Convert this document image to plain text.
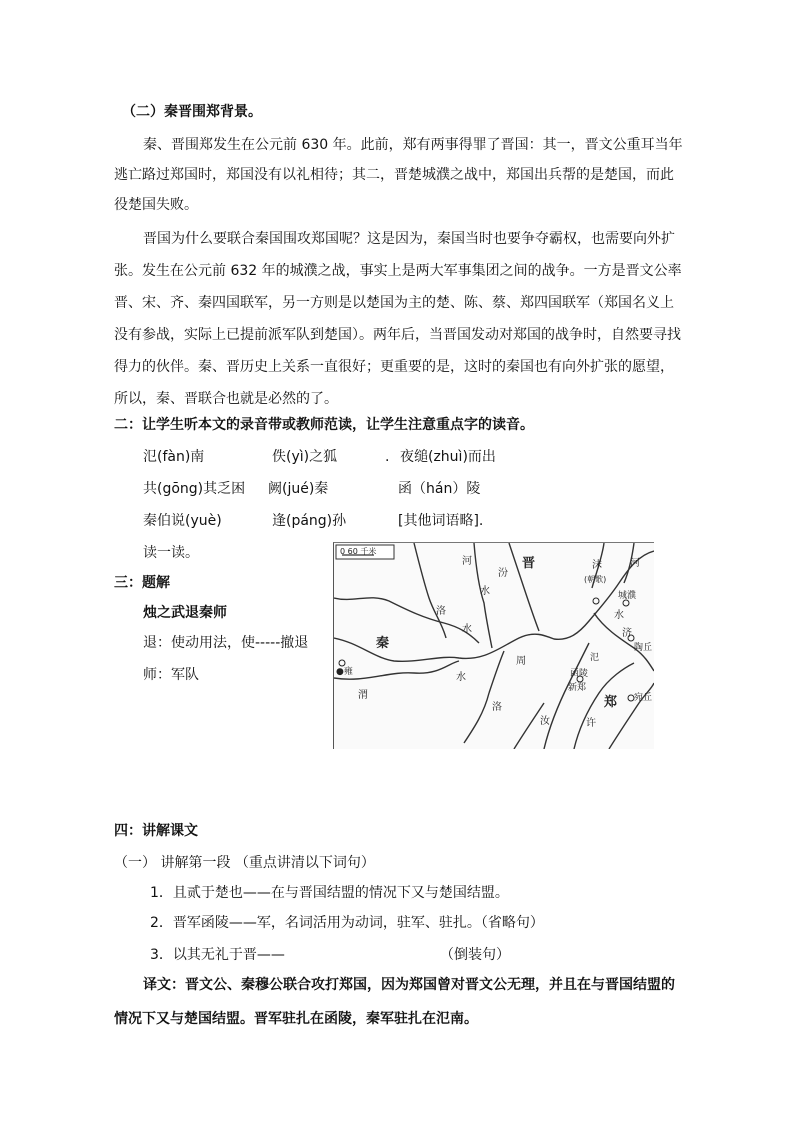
（二）秦晋围郑背景。
秦、晋围郑发生在公元前 630 年。此前，郑有两事得罪了晋国：其一，晋文公重耳当年
逃亡路过郑国时，郑国没有以礼相待；其二，晋楚城濮之战中，郑国出兵帮的是楚国，而此
役楚国失败。
晋国为什么要联合秦国围攻郑国呢？这是因为，秦国当时也要争夺霸权，也需要向外扩
张。发生在公元前 632 年的城濮之战，事实上是两大军事集团之间的战争。一方是晋文公率
晋、宋、齐、秦四国联军，另一方则是以楚国为主的楚、陈、蔡、郑四国联军（郑国名义上
没有参战，实际上已提前派军队到楚国）。两年后，当晋国发动对郑国的战争时，自然要寻找
得力的伙伴。秦、晋历史上关系一直很好；更重要的是，这时的秦国也有向外扩张的愿望，
所以，秦、晋联合也就是必然的了。
二：让学生听本文的录音带或教师范读，让学生注意重点字的读音。
氾(fàn)南	佚(yì)之狐	. 夜缒(zhuì)而出
共(gōng)其乏困 阙(jué)秦	函（hán）陵
秦伯说(yuè)	逢(páng)孙	[其他词语略].
读一读。
三：题解
烛之武退秦师
退：使动用法，使-----撤退
师：军队
0 60 千米
晋
秦
郑
河	河
汾
水
水
水
水
洛
洛
渭
周
济
沫
(朝歌)
城濮
陶丘
宛丘
●雍	函陵
新郑
氾
许
汝
四：讲解课文
（一） 讲解第一段 （重点讲清以下词句）
1．且贰于楚也——在与晋国结盟的情况下又与楚国结盟。
2．晋军函陵——军，名词活用为动词，驻军、驻扎。（省略句）
3．以其无礼于晋——	（倒装句）
译文：晋文公、秦穆公联合攻打郑国，因为郑国曾对晋文公无理，并且在与晋国结盟的
情况下又与楚国结盟。晋军驻扎在函陵，秦军驻扎在氾南。
